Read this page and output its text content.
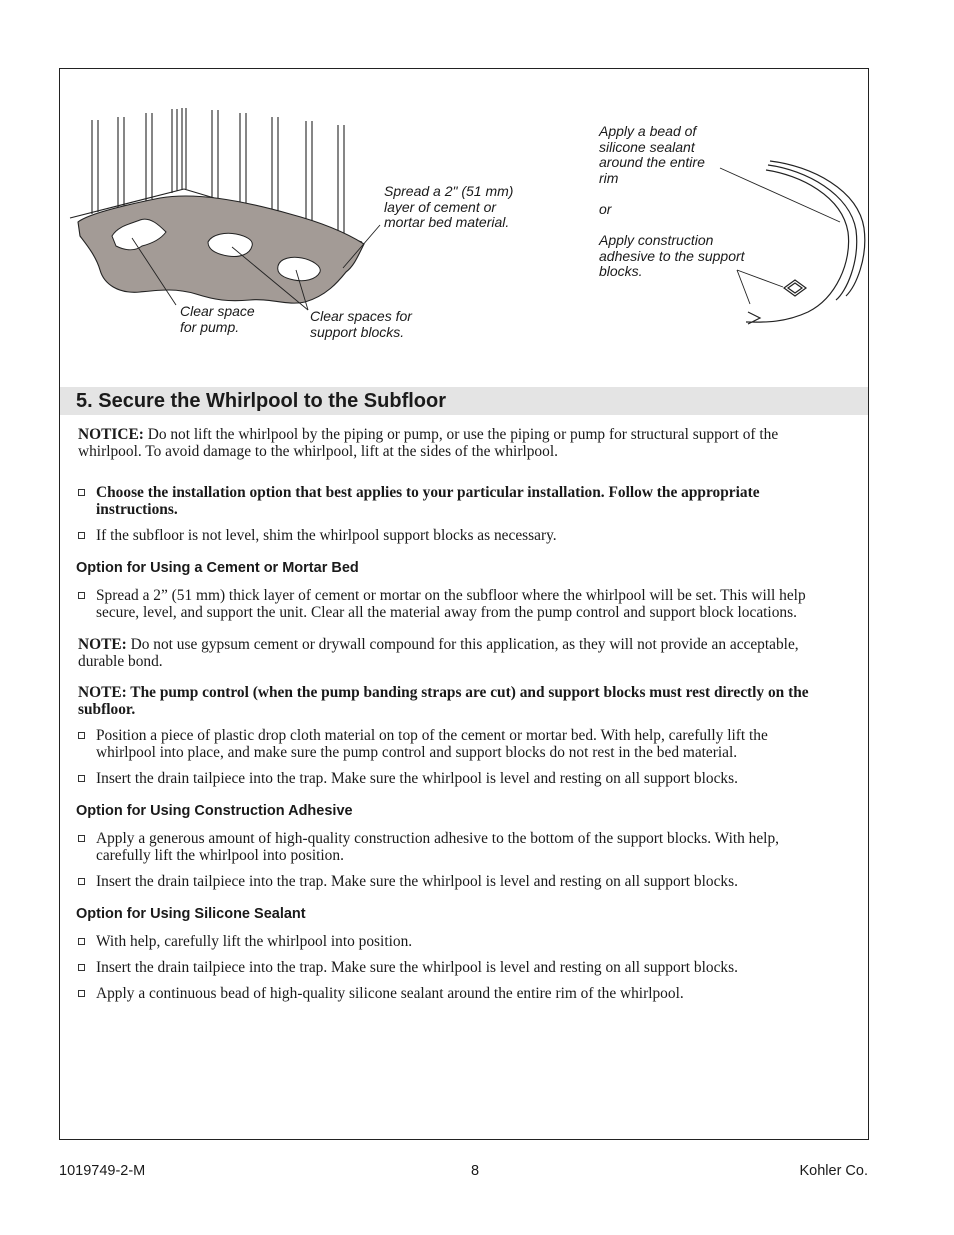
Spread a 2" (51 mm)
layer of cement or
mortar bed material.
Clear space
for pump.
Clear spaces for
support blocks.
Apply a bead of
silicone sealant
around the entire
rim
or
Apply construction
adhesive to the support
blocks.
5. Secure the Whirlpool to the Subfloor

NOTICE: Do not lift the whirlpool by the piping or pump, or use the piping or pump for structural support of the whirlpool. To avoid damage to the whirlpool, lift at the sides of the whirlpool.

Choose the installation option that best applies to your particular installation. Follow the appropriate instructions.
If the subfloor is not level, shim the whirlpool support blocks as necessary.

Option for Using a Cement or Mortar Bed

Spread a 2” (51 mm) thick layer of cement or mortar on the subfloor where the whirlpool will be set. This will help secure, level, and support the unit. Clear all the material away from the pump control and support block locations.

NOTE: Do not use gypsum cement or drywall compound for this application, as they will not provide an acceptable, durable bond.

NOTE: The pump control (when the pump banding straps are cut) and support blocks must rest directly on the subfloor.

Position a piece of plastic drop cloth material on top of the cement or mortar bed. With help, carefully lift the whirlpool into place, and make sure the pump control and support blocks do not rest in the bed material.
Insert the drain tailpiece into the trap. Make sure the whirlpool is level and resting on all support blocks.

Option for Using Construction Adhesive

Apply a generous amount of high-quality construction adhesive to the bottom of the support blocks. With help, carefully lift the whirlpool into position.
Insert the drain tailpiece into the trap. Make sure the whirlpool is level and resting on all support blocks.

Option for Using Silicone Sealant

With help, carefully lift the whirlpool into position.
Insert the drain tailpiece into the trap. Make sure the whirlpool is level and resting on all support blocks.
Apply a continuous bead of high-quality silicone sealant around the entire rim of the whirlpool.
1019749-2-M	8	Kohler Co.
